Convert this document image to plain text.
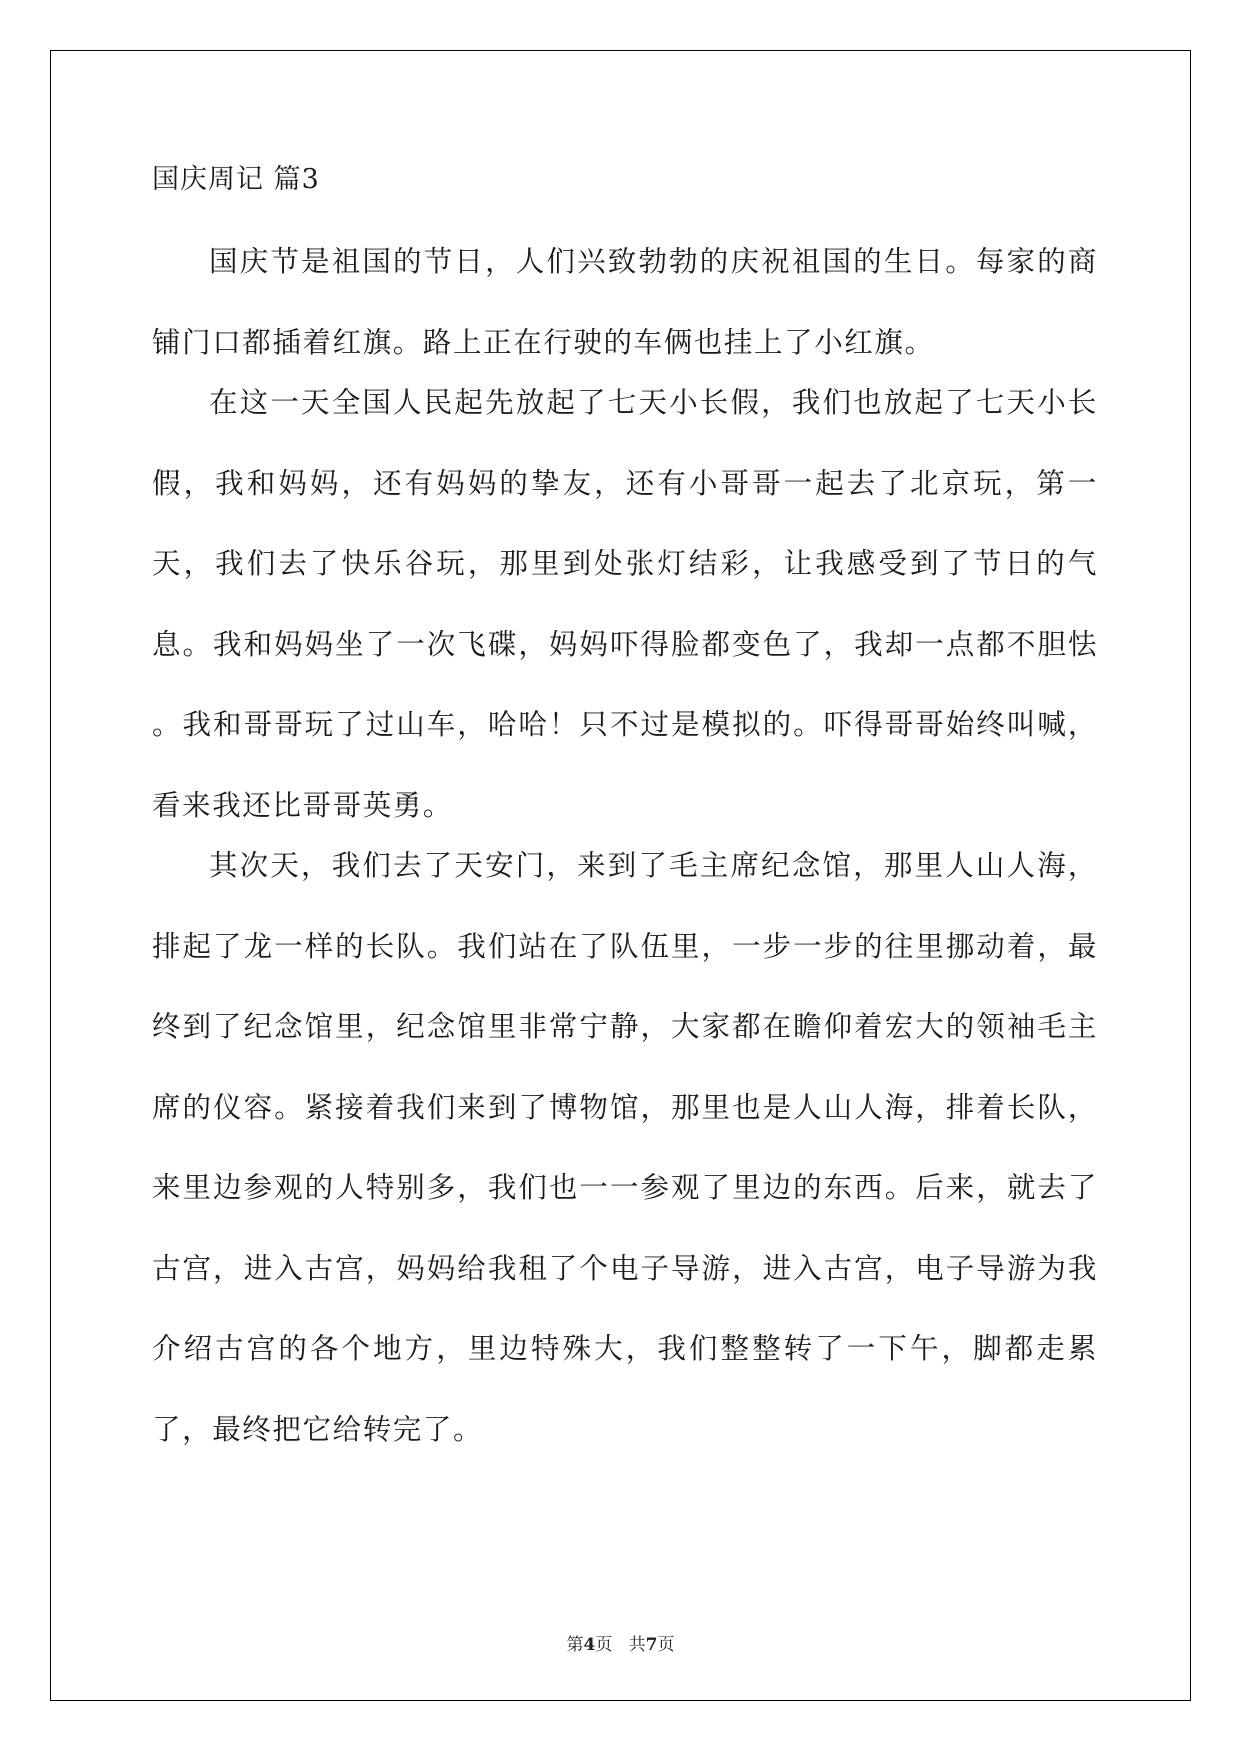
国庆周记 篇3

国庆节是祖国的节日，人们兴致勃勃的庆祝祖国的生日。每家的商铺门口都插着红旗。路上正在行驶的车俩也挂上了小红旗。

在这一天全国人民起先放起了七天小长假，我们也放起了七天小长假，我和妈妈，还有妈妈的挚友，还有小哥哥一起去了北京玩，第一天，我们去了快乐谷玩，那里到处张灯结彩，让我感受到了节日的气息。我和妈妈坐了一次飞碟，妈妈吓得脸都变色了，我却一点都不胆怯 。我和哥哥玩了过山车，哈哈！只不过是模拟的。吓得哥哥始终叫喊，看来我还比哥哥英勇。

其次天，我们去了天安门，来到了毛主席纪念馆，那里人山人海，排起了龙一样的长队。我们站在了队伍里，一步一步的往里挪动着，最终到了纪念馆里，纪念馆里非常宁静，大家都在瞻仰着宏大的领袖毛主席的仪容。紧接着我们来到了博物馆，那里也是人山人海，排着长队，来里边参观的人特别多，我们也一一参观了里边的东西。后来，就去了古宫，进入古宫，妈妈给我租了个电子导游，进入古宫，电子导游为我介绍古宫的各个地方，里边特殊大，我们整整转了一下午，脚都走累了，最终把它给转完了。

第4页 共7页
